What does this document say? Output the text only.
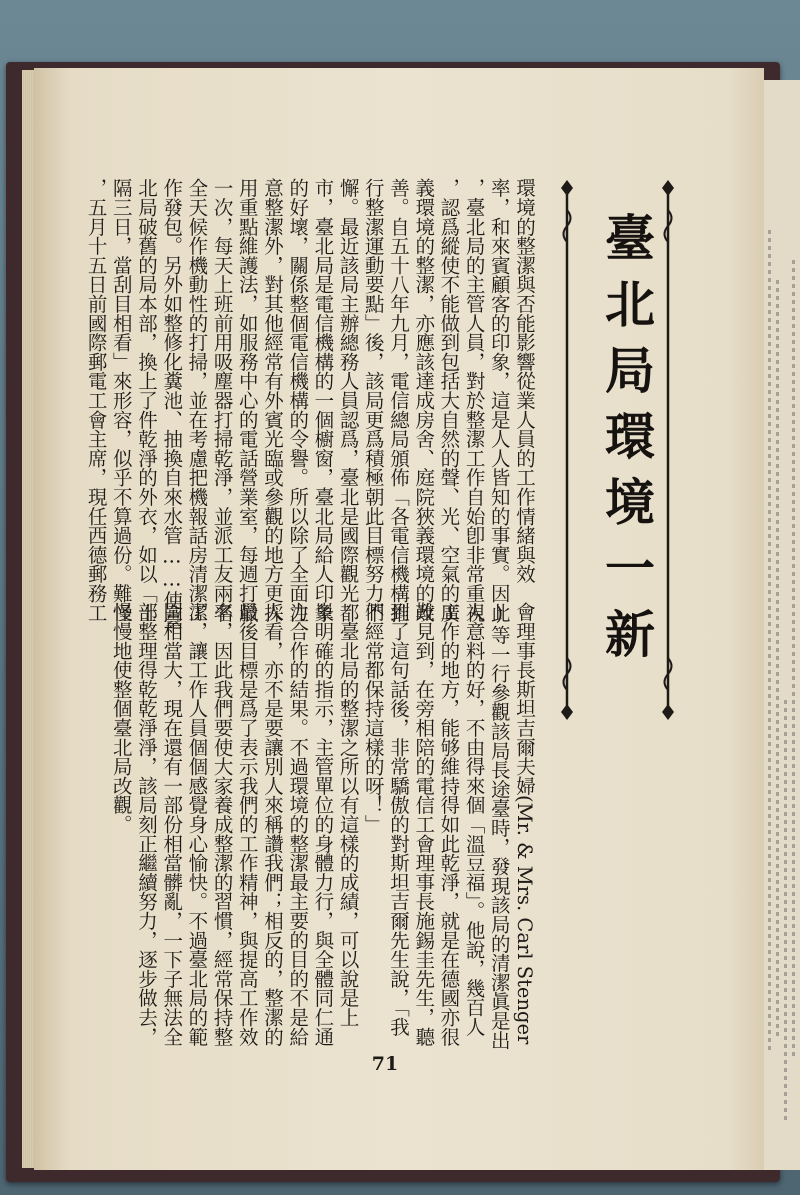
臺北局環境一新
環境的整潔與否能影響從業人員的工作情緒與效
率，和來賓顧客的印象，這是人人皆知的事實。因此
，臺北局的主管人員，對於整潔工作自始卽非常重視
，認爲縱使不能做到包括大自然的聲、光、空氣的廣
義環境的整潔，亦應該達成房舍、庭院狹義環境的改
善。自五十八年九月，電信總局頒佈「各電信機構推
行整潔運動要點」後，該局更爲積極朝此目標努力不
懈。最近該局主辦總務人員認爲，臺北是國際觀光都
市，臺北局是電信機構的一個櫥窗，臺北局給人印象
的好壞，關係整個電信機構的令譽。所以除了全面注
意整潔外，對其他經常有外賓光臨或參觀的地方更採
用重點維護法，如服務中心的電話營業室，每週打臘
一次，每天上班前用吸塵器打掃乾淨，並派工友兩名
全天候作機動性的打掃，並在考慮把機報話房清潔工
作發包。另外如整修化糞池、抽換自來水管……使臺
北局破舊的局本部，換上了件乾淨的外衣，如以「士
隔三日，當刮目相看」來形容，似乎不算過份。難怪
，五月十五日前國際郵電工會主席，現任西德郵務工
會理事長斯坦吉爾夫婦(Mr. & Mrs. Carl Stenger
)等一行參觀該局長途臺時，發現該局的清潔眞是出
人意料的好，不由得來個「溫豆福」。他說，幾百人
工作的地方，能够維持得如此乾淨，就是在德國亦很
難見到，在旁相陪的電信工會理事長施錫圭先生，聽
到了這句話後，非常驕傲的對斯坦吉爾先生說，「我
們經常都保持這樣的呀！」
　臺北局的整潔之所以有這樣的成績，可以說是上
峯明確的指示，主管單位的身體力行，與全體同仁通
力合作的結果。不過環境的整潔最主要的目的不是給
人看，亦不是要讓別人來稱讚我們；相反的，整潔的
最後目標是爲了表示我們的工作精神，與提高工作效
率，因此我們要使大家養成整潔的習慣，經常保持整
潔，讓工作人員個個感覺身心愉快。不過臺北局的範
圍相當大，現在還有一部份相當髒亂，一下子無法全
部整理得乾乾淨淨，該局刻正繼續努力，逐步做去，
慢慢地使整個臺北局改觀。
71
